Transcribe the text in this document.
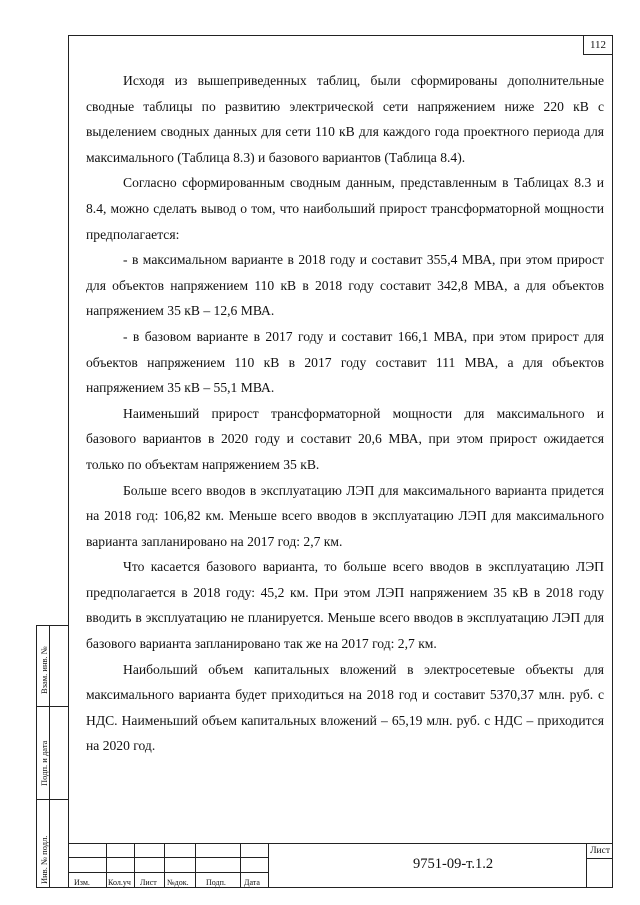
112

Исходя из вышеприведенных таблиц, были сформированы дополнительные сводные таблицы по развитию электрической сети напряжением ниже 220 кВ с выделением сводных данных для сети 110 кВ для каждого года проектного периода для максимального (Таблица 8.3) и базового вариантов (Таблица 8.4).

Согласно сформированным сводным данным, представленным в Таблицах 8.3 и 8.4, можно сделать вывод о том, что наибольший прирост трансформаторной мощности предполагается:

- в максимальном варианте в 2018 году и составит 355,4 МВА, при этом прирост для объектов напряжением 110 кВ в 2018 году составит 342,8 МВА, а для объектов напряжением 35 кВ – 12,6 МВА.

- в базовом варианте в 2017 году и составит 166,1 МВА, при этом прирост для объектов напряжением 110 кВ в 2017 году составит 111 МВА, а для объектов напряжением 35 кВ – 55,1 МВА.

Наименьший прирост трансформаторной мощности для максимального и базового вариантов в 2020 году и составит 20,6 МВА, при этом прирост ожидается только по объектам напряжением 35 кВ.

Больше всего вводов в эксплуатацию ЛЭП для максимального варианта придется на 2018 год: 106,82 км. Меньше всего вводов в эксплуатацию ЛЭП для максимального варианта запланировано на 2017 год: 2,7 км.

Что касается базового варианта, то больше всего вводов в эксплуатацию ЛЭП предполагается в 2018 году: 45,2 км. При этом ЛЭП напряжением 35 кВ в 2018 году вводить в эксплуатацию не планируется. Меньше всего вводов в эксплуатацию ЛЭП для базового варианта запланировано так же на 2017 год: 2,7 км.

Наибольший объем капитальных вложений в электросетевые объекты для максимального варианта будет приходиться на 2018 год и составит 5370,37 млн. руб. с НДС. Наименьший объем капитальных вложений – 65,19 млн. руб. с НДС – приходится на 2020 год.

Взам. инв. №
Подп. и дата
Инв. № подл.	Изм. Кол.уч Лист №док. Подп. Дата
9751-09-т.1.2
Лист
